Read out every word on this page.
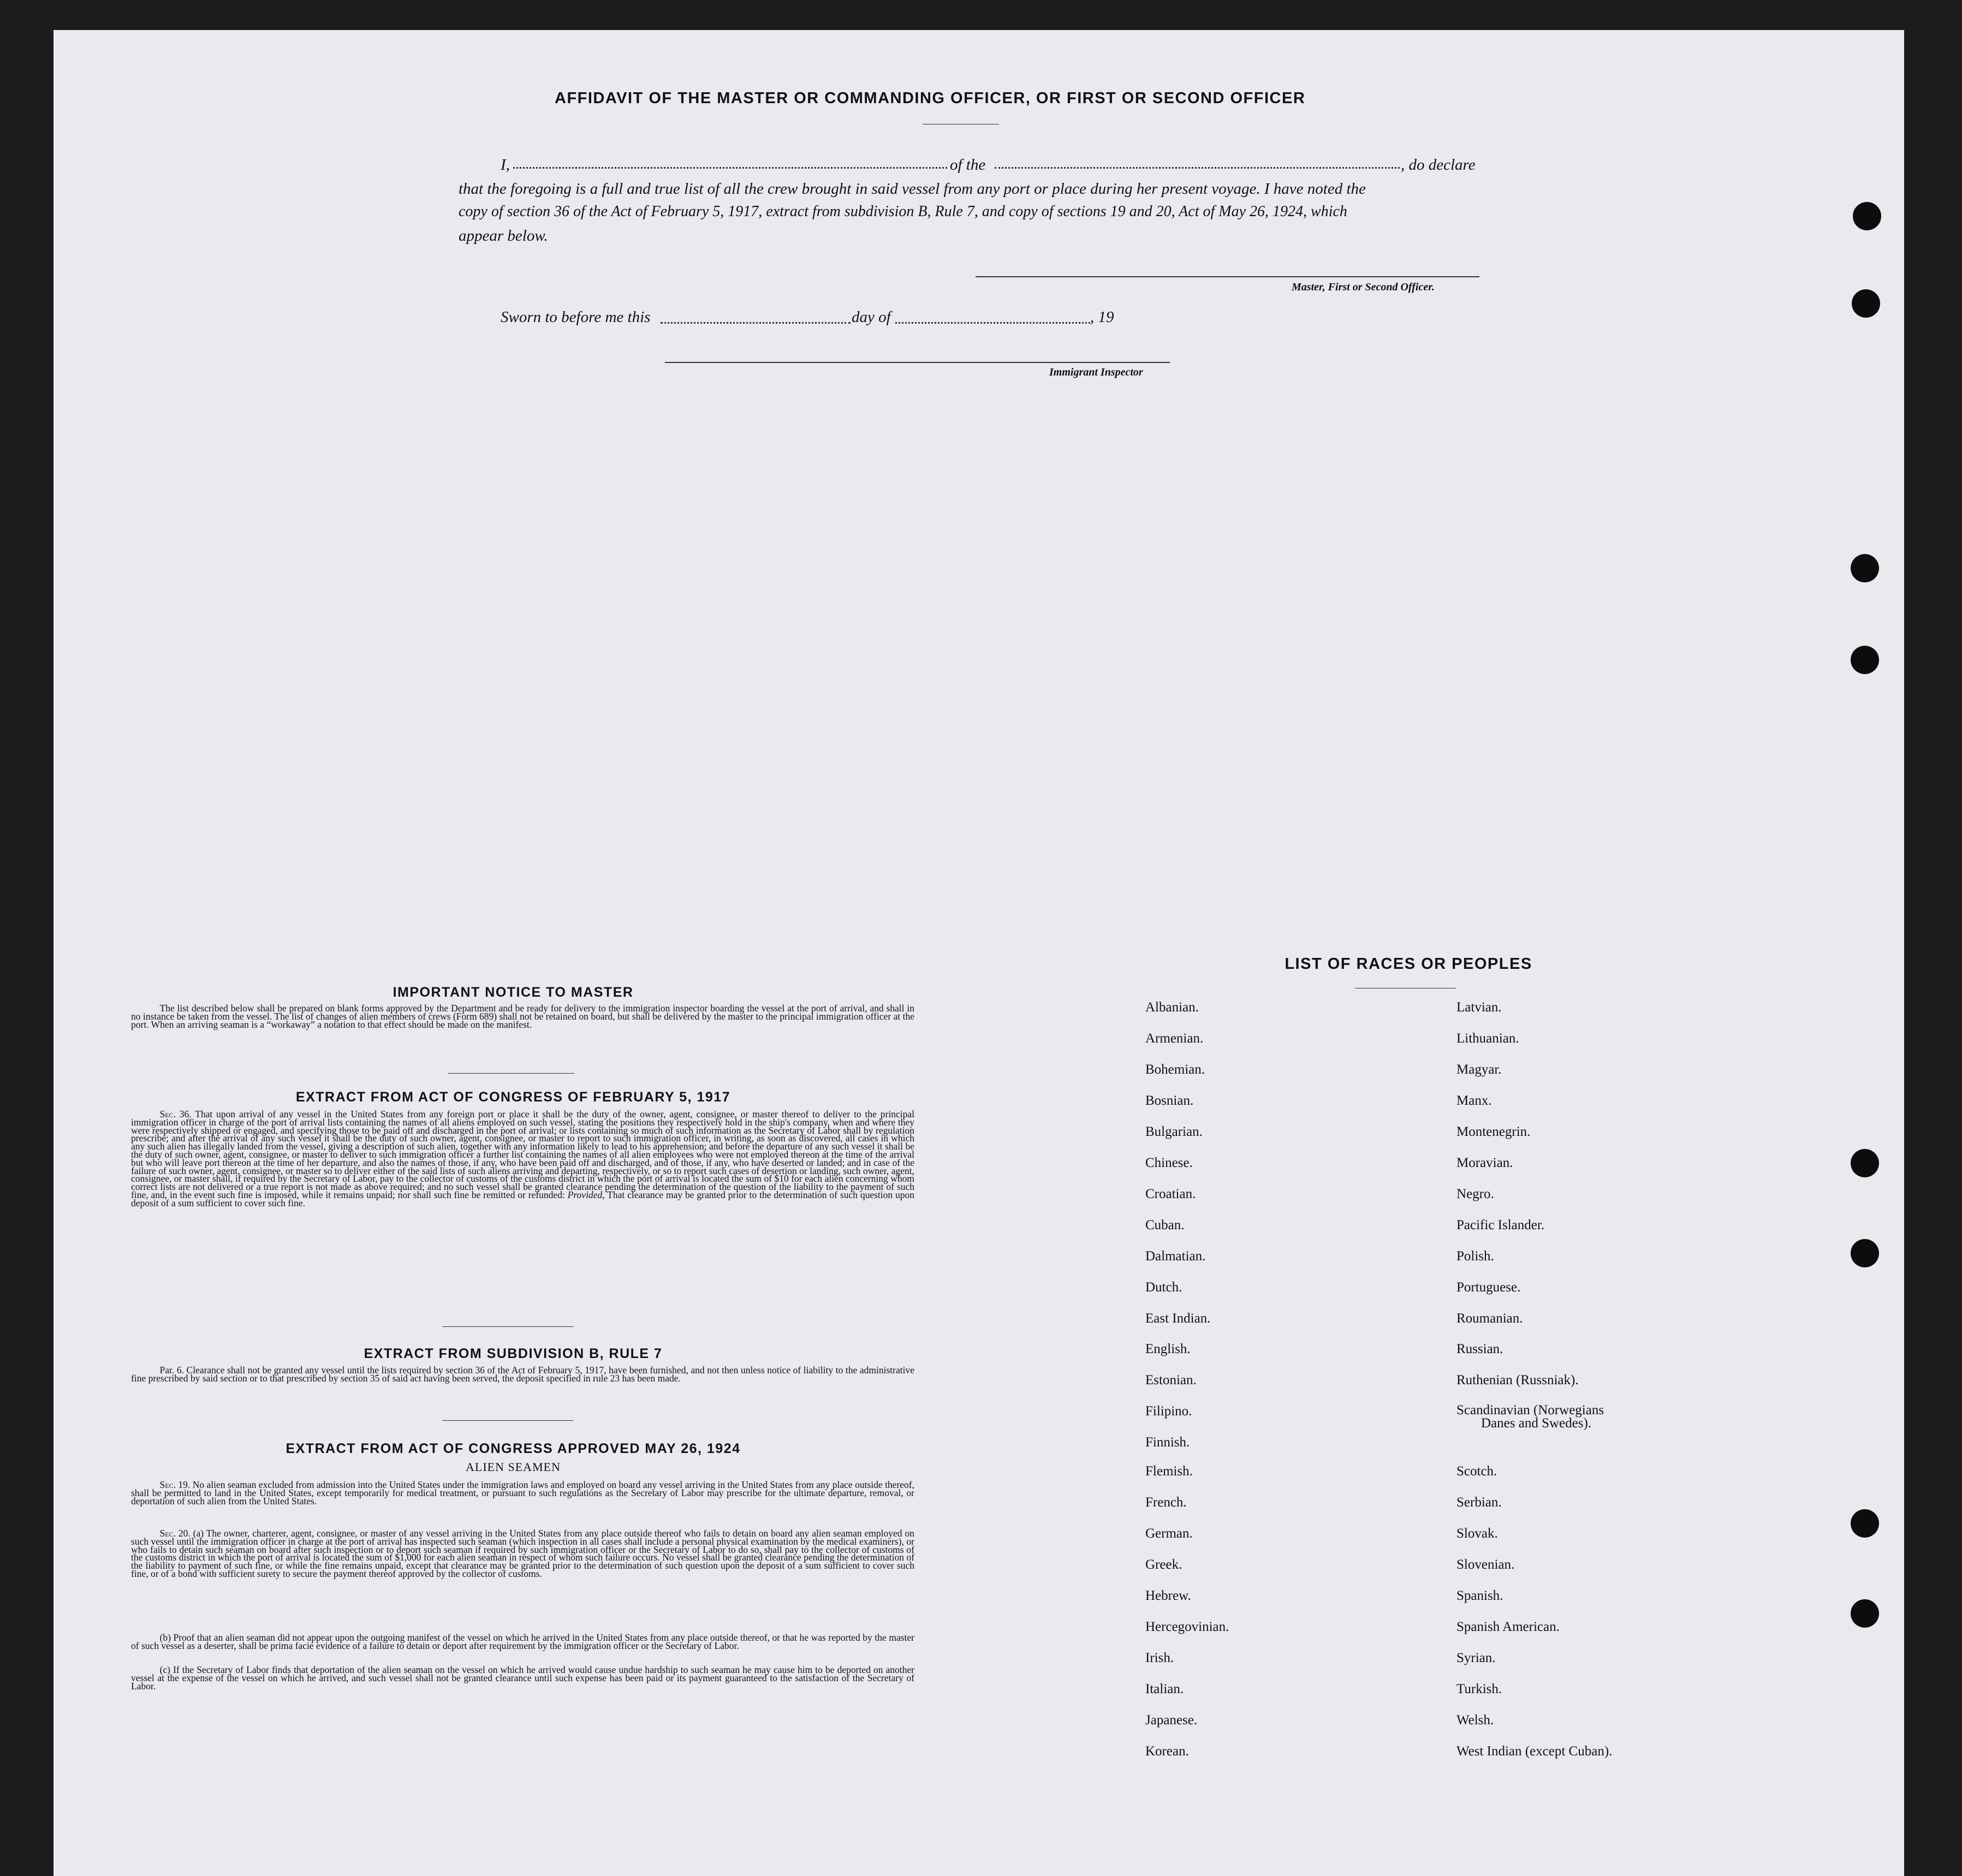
AFFIDAVIT OF THE MASTER OR COMMANDING OFFICER, OR FIRST OR SECOND OFFICER
I,	of the	, do declare
that the foregoing is a full and true list of all the crew brought in said vessel from any port or place during her present voyage. I have noted the
copy of section 36 of the Act of February 5, 1917, extract from subdivision B, Rule 7, and copy of sections 19 and 20, Act of May 26, 1924, which
appear below.
Master, First or Second Officer.
Sworn to before me this	day of	, 19
Immigrant Inspector
IMPORTANT NOTICE TO MASTER
The list described below shall be prepared on blank forms approved by the Department and be ready for delivery to the immigration inspector boarding the vessel at the port of arrival, and shall in no instance be taken from the vessel. The list of changes of alien members of crews (Form 689) shall not be retained on board, but shall be delivered by the master to the principal immigration officer at the port. When an arriving seaman is a “workaway” a notation to that effect should be made on the manifest.
EXTRACT FROM ACT OF CONGRESS OF FEBRUARY 5, 1917
Sec. 36. That upon arrival of any vessel in the United States from any foreign port or place it shall be the duty of the owner, agent, consignee, or master thereof to deliver to the principal immigration officer in charge of the port of arrival lists containing the names of all aliens employed on such vessel, stating the positions they respectively hold in the ship's company, when and where they were respectively shipped or engaged, and specifying those to be paid off and discharged in the port of arrival; or lists containing so much of such information as the Secretary of Labor shall by regulation prescribe; and after the arrival of any such vessel it shall be the duty of such owner, agent, consignee, or master to report to such immigration officer, in writing, as soon as discovered, all cases in which any such alien has illegally landed from the vessel, giving a description of such alien, together with any information likely to lead to his apprehension; and before the departure of any such vessel it shall be the duty of such owner, agent, consignee, or master to deliver to such immigration officer a further list containing the names of all alien employees who were not employed thereon at the time of the arrival but who will leave port thereon at the time of her departure, and also the names of those, if any, who have been paid off and discharged, and of those, if any, who have deserted or landed; and in case of the failure of such owner, agent, consignee, or master so to deliver either of the said lists of such aliens arriving and departing, respectively, or so to report such cases of desertion or landing, such owner, agent, consignee, or master shall, if required by the Secretary of Labor, pay to the collector of customs of the customs district in which the port of arrival is located the sum of $10 for each alien concerning whom correct lists are not delivered or a true report is not made as above required; and no such vessel shall be granted clearance pending the determination of the question of the liability to the payment of such fine, and, in the event such fine is imposed, while it remains unpaid; nor shall such fine be remitted or refunded: Provided, That clearance may be granted prior to the determination of such question upon deposit of a sum sufficient to cover such fine.
EXTRACT FROM SUBDIVISION B, RULE 7
Par. 6. Clearance shall not be granted any vessel until the lists required by section 36 of the Act of February 5, 1917, have been furnished, and not then unless notice of liability to the administrative fine prescribed by said section or to that prescribed by section 35 of said act having been served, the deposit specified in rule 23 has been made.
EXTRACT FROM ACT OF CONGRESS APPROVED MAY 26, 1924
ALIEN SEAMEN
Sec. 19. No alien seaman excluded from admission into the United States under the immigration laws and employed on board any vessel arriving in the United States from any place outside thereof, shall be permitted to land in the United States, except temporarily for medical treatment, or pursuant to such regulations as the Secretary of Labor may prescribe for the ultimate departure, removal, or deportation of such alien from the United States.
Sec. 20. (a) The owner, charterer, agent, consignee, or master of any vessel arriving in the United States from any place outside thereof who fails to detain on board any alien seaman employed on such vessel until the immigration officer in charge at the port of arrival has inspected such seaman (which inspection in all cases shall include a personal physical examination by the medical examiners), or who fails to detain such seaman on board after such inspection or to deport such seaman if required by such immigration officer or the Secretary of Labor to do so, shall pay to the collector of customs of the customs district in which the port of arrival is located the sum of $1,000 for each alien seaman in respect of whom such failure occurs. No vessel shall be granted clearance pending the determination of the liability to payment of such fine, or while the fine remains unpaid, except that clearance may be granted prior to the determination of such question upon the deposit of a sum sufficient to cover such fine, or of a bond with sufficient surety to secure the payment thereof approved by the collector of customs.
(b) Proof that an alien seaman did not appear upon the outgoing manifest of the vessel on which he arrived in the United States from any place outside thereof, or that he was reported by the master of such vessel as a deserter, shall be prima facie evidence of a failure to detain or deport after requirement by the immigration officer or the Secretary of Labor.
(c) If the Secretary of Labor finds that deportation of the alien seaman on the vessel on which he arrived would cause undue hardship to such seaman he may cause him to be deported on another vessel at the expense of the vessel on which he arrived, and such vessel shall not be granted clearance until such expense has been paid or its payment guaranteed to the satisfaction of the Secretary of Labor.
LIST OF RACES OR PEOPLES
Albanian.
Armenian.
Bohemian.
Bosnian.
Bulgarian.
Chinese.
Croatian.
Cuban.
Dalmatian.
Dutch.
East Indian.
English.
Estonian.
Filipino.
Finnish.
Flemish.
French.
German.
Greek.
Hebrew.
Hercegovinian.
Irish.
Italian.
Japanese.
Korean.
Latvian.
Lithuanian.
Magyar.
Manx.
Montenegrin.
Moravian.
Negro.
Pacific Islander.
Polish.
Portuguese.
Roumanian.
Russian.
Ruthenian (Russniak).
Scandinavian (Norwegians
Danes and Swedes).
Scotch.
Serbian.
Slovak.
Slovenian.
Spanish.
Spanish American.
Syrian.
Turkish.
Welsh.
West Indian (except Cuban).
